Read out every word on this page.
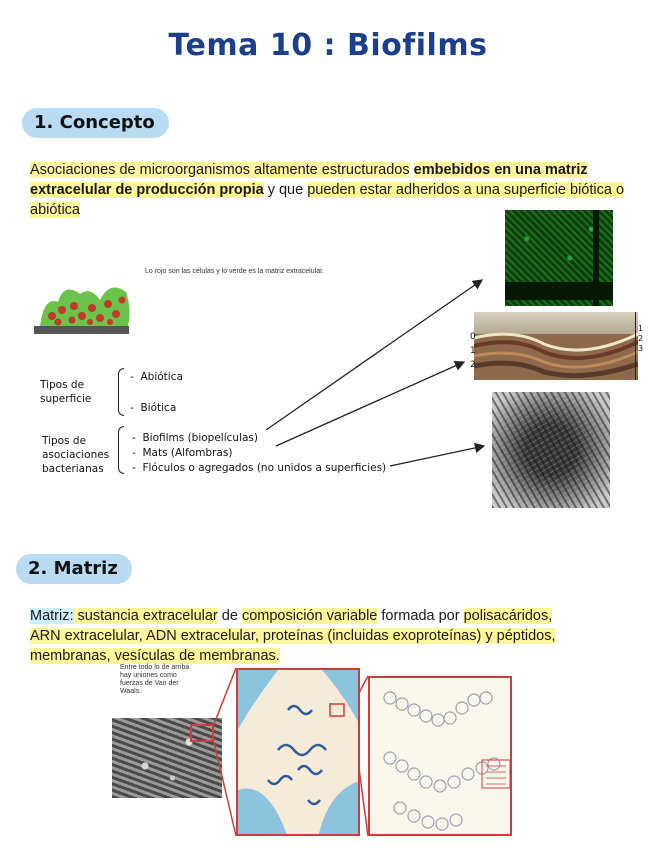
Tema 10 : Biofilms
1. Concepto
Asociaciones de microorganismos altamente estructurados embebidos en una matriz extracelular de producción propia y que pueden estar adheridos a una superficie biótica o abiótica
Lo rojo son las células y lo verde es la matriz extracelular.
Tipos de superficie
-  Abiótica
-  Biótica
Tipos de asociaciones bacterianas
-  Biofilms (biopelículas)
-  Mats (Alfombras)
-  Flóculos o agregados (no unidos a superficies)
0
1
2
1
2
3
2. Matriz
Matriz: sustancia extracelular de composición variable formada por polisacáridos,
ARN extracelular, ADN extracelular, proteínas (incluidas exoproteínas) y péptidos,
membranas, vesículas de membranas.
Entre todo lo de arriba hay uniones como fuerzas de Van der Waals.
